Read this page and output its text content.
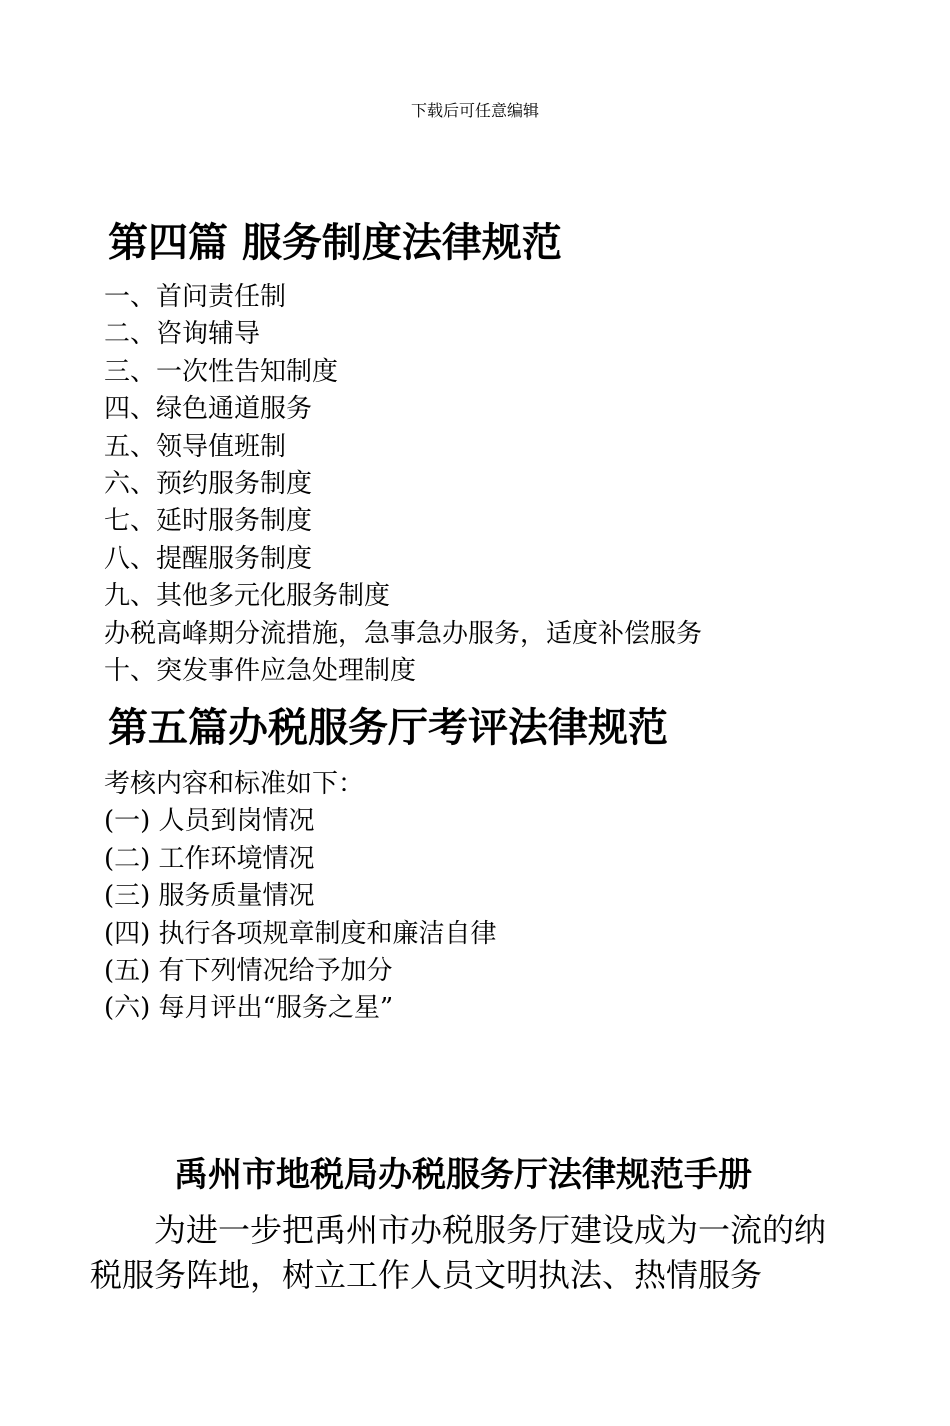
下载后可任意编辑
第四篇 服务制度法律规范
一、首问责任制
二、咨询辅导
三、一次性告知制度
四、绿色通道服务
五、领导值班制
六、预约服务制度
七、延时服务制度
八、提醒服务制度
九、其他多元化服务制度
办税高峰期分流措施，急事急办服务，适度补偿服务
十、突发事件应急处理制度
第五篇办税服务厅考评法律规范
考核内容和标准如下：
(一) 人员到岗情况
(二) 工作环境情况
(三) 服务质量情况
(四) 执行各项规章制度和廉洁自律
(五) 有下列情况给予加分
(六) 每月评出“服务之星”
禹州市地税局办税服务厅法律规范手册

为进一步把禹州市办税服务厅建设成为一流的纳税服务阵地，树立工作人员文明执法、热情服务
